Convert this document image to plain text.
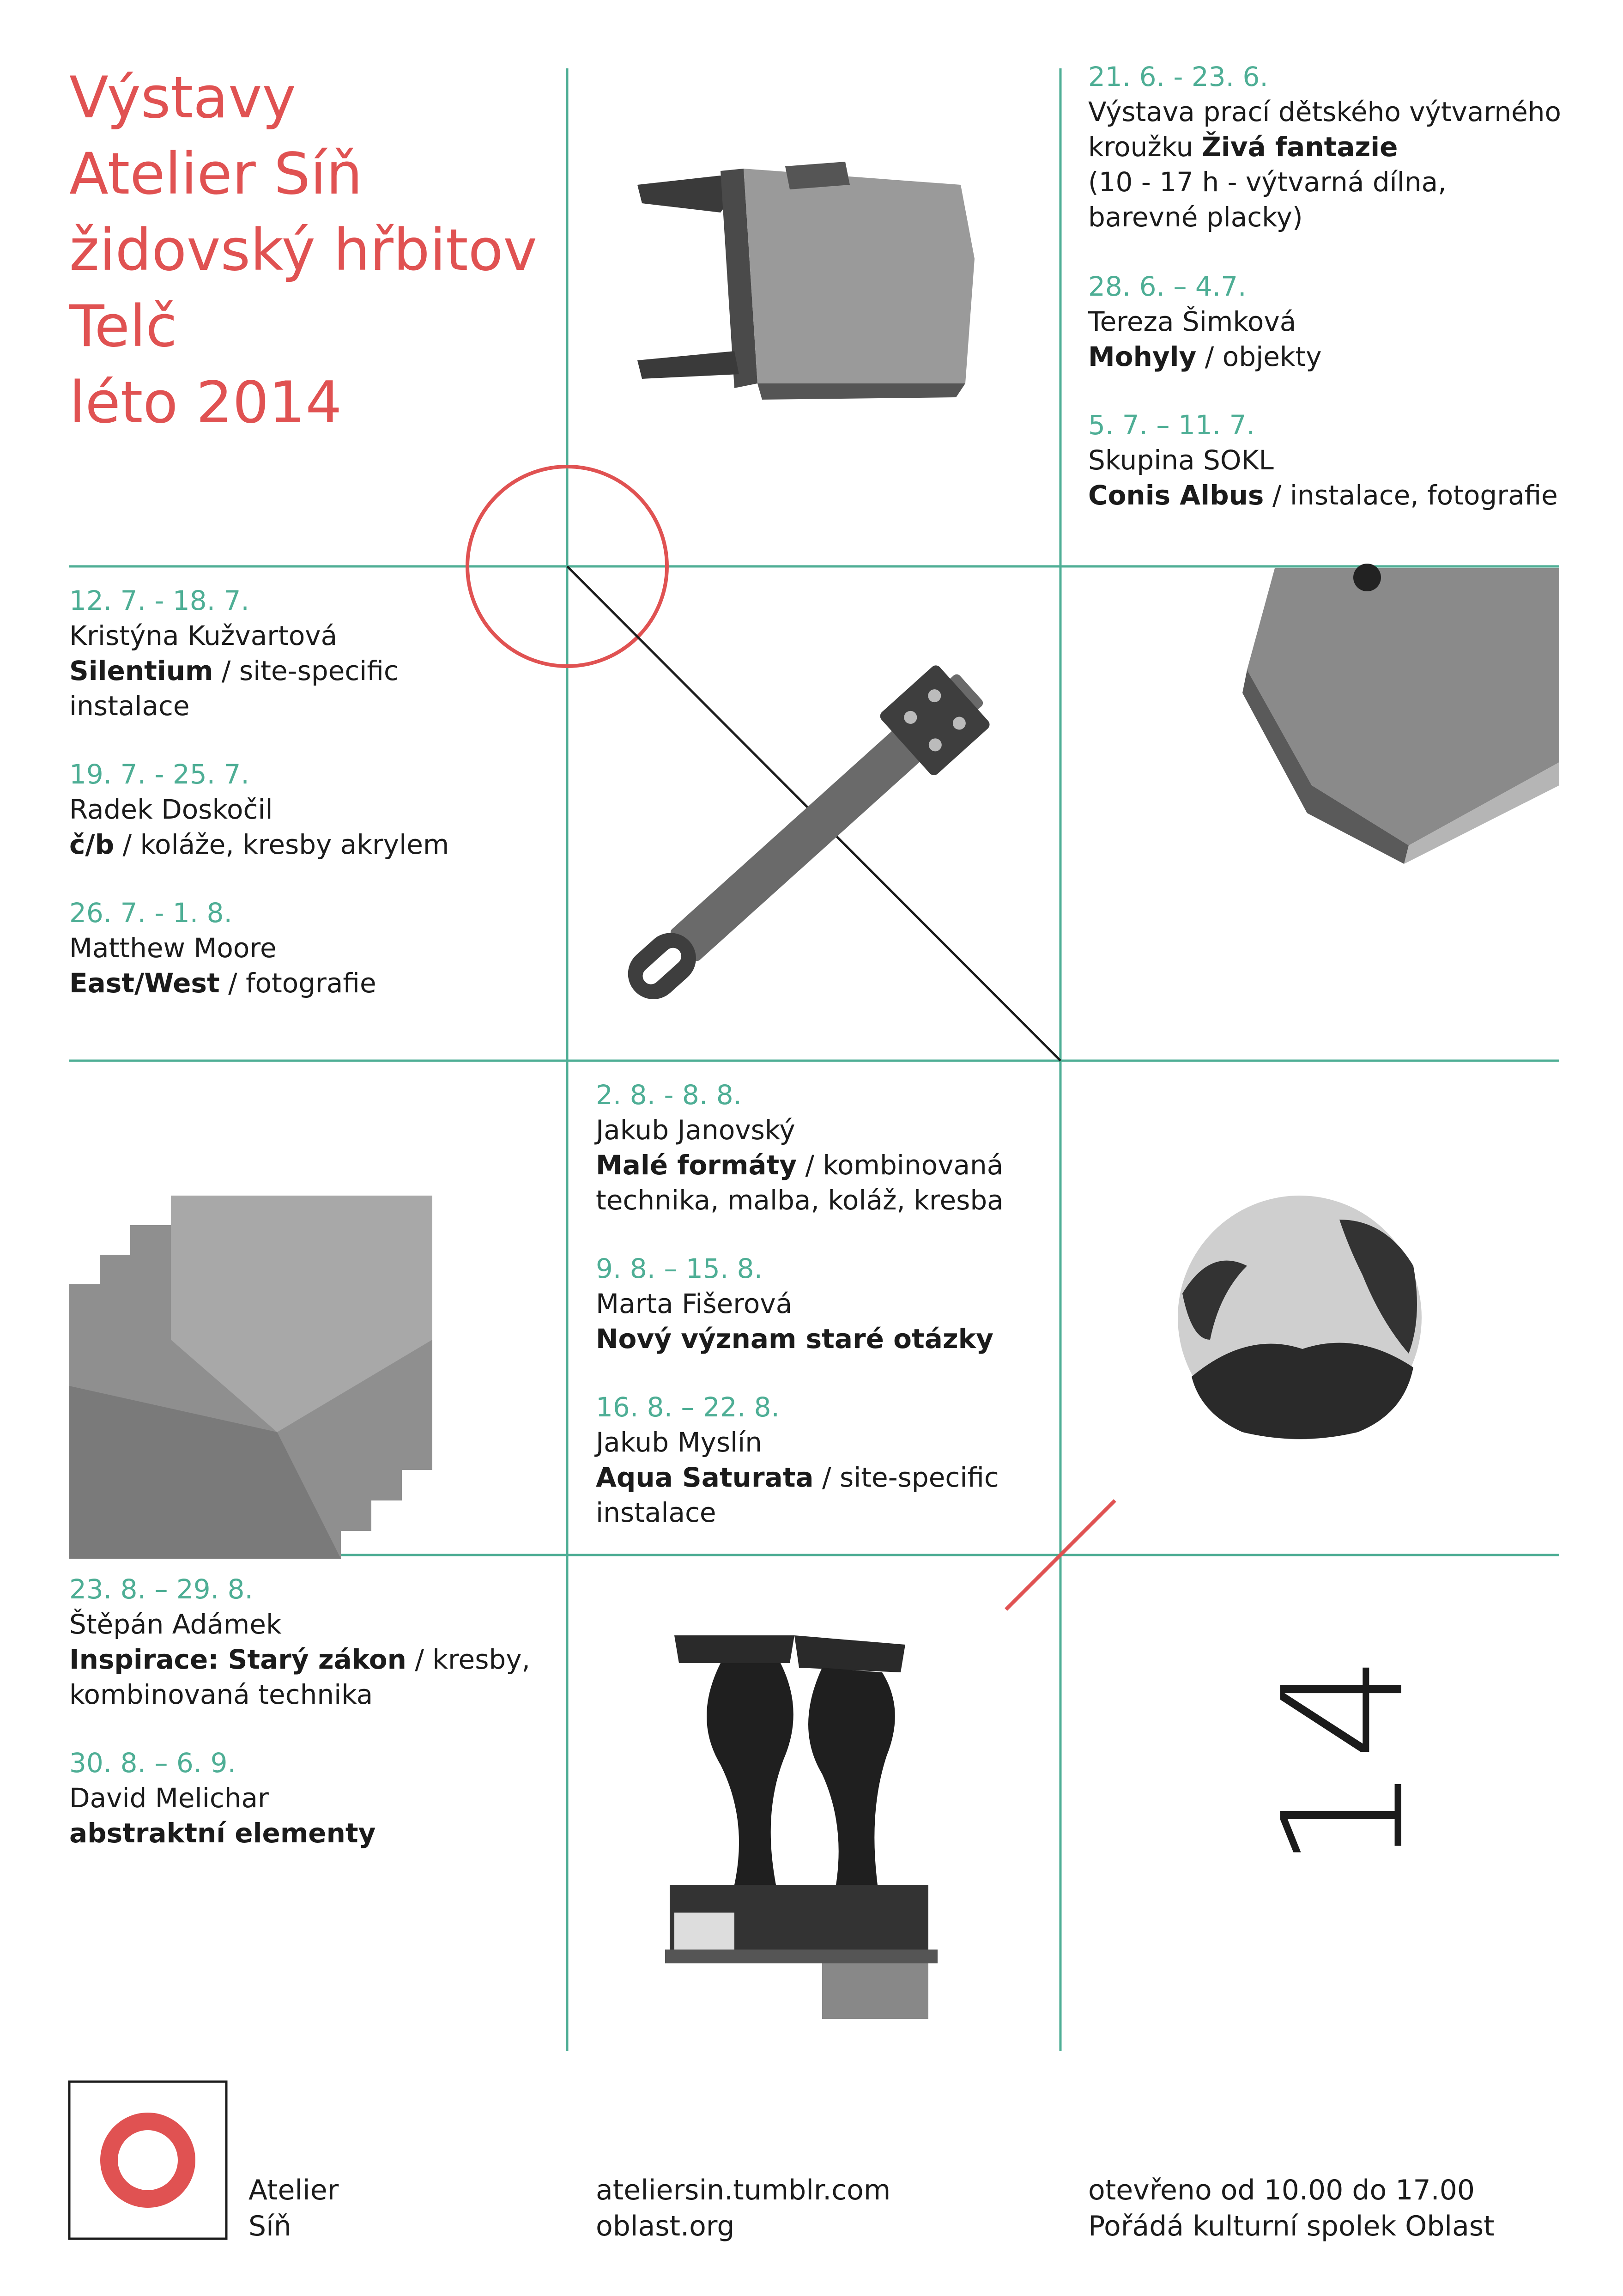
Výstavy
Atelier Síň
židovský hřbitov
Telč
léto 2014
21. 6. - 23. 6.
Výstava prací dětského výtvarného
kroužku Živá fantazie
(10 - 17 h - výtvarná dílna,
barevné placky)
28. 6. – 4.7.
Tereza Šimková
Mohyly / objekty
5. 7. – 11. 7.
Skupina SOKL
Conis Albus / instalace, fotografie
12. 7. - 18. 7.
Kristýna Kužvartová
Silentium / site-specific
instalace
19. 7. - 25. 7.
Radek Doskočil
č/b / koláže, kresby akrylem
26. 7. - 1. 8.
Matthew Moore
East/West / fotografie
2. 8. - 8. 8.
Jakub Janovský
Malé formáty / kombinovaná
technika, malba, koláž, kresba
9. 8. – 15. 8.
Marta Fišerová
Nový význam staré otázky
16. 8. – 22. 8.
Jakub Myslín
Aqua Saturata / site-specific
instalace
23. 8. – 29. 8.
Štěpán Adámek
Inspirace: Starý zákon / kresby,
kombinovaná technika
30. 8. – 6. 9.
David Melichar
abstraktní elementy	14
Atelier
Síň
ateliersin.tumblr.com
oblast.org
otevřeno od 10.00 do 17.00
Pořádá kulturní spolek Oblast
